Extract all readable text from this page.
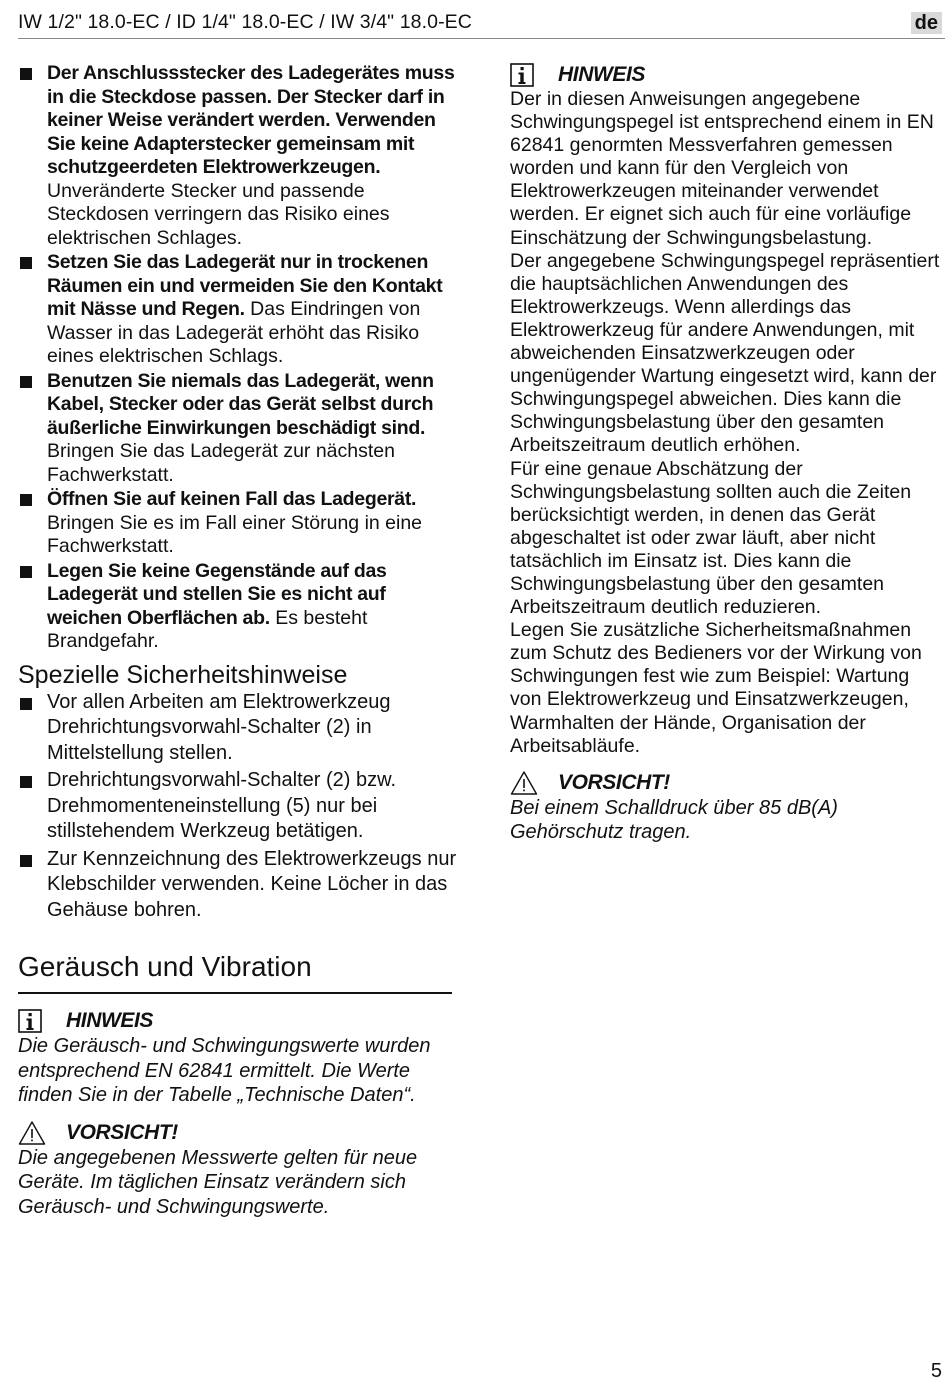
IW 1/2" 18.0-EC / ID 1/4" 18.0-EC / IW 3/4" 18.0-EC	de
Der Anschlussstecker des Ladegerätes muss in die Steckdose passen. Der Stecker darf in keiner Weise verändert werden. Verwenden Sie keine Adapterstecker gemeinsam mit schutzgeerdeten Elektrowerkzeugen. Unveränderte Stecker und passende Steckdosen verringern das Risiko eines elektrischen Schlages.
Setzen Sie das Ladegerät nur in trockenen Räumen ein und vermeiden Sie den Kontakt mit Nässe und Regen. Das Eindringen von Wasser in das Ladegerät erhöht das Risiko eines elektrischen Schlags.
Benutzen Sie niemals das Ladegerät, wenn Kabel, Stecker oder das Gerät selbst durch äußerliche Einwirkungen beschädigt sind. Bringen Sie das Ladegerät zur nächsten Fachwerkstatt.
Öffnen Sie auf keinen Fall das Ladegerät. Bringen Sie es im Fall einer Störung in eine Fachwerkstatt.
Legen Sie keine Gegenstände auf das Ladegerät und stellen Sie es nicht auf weichen Oberflächen ab. Es besteht Brandgefahr.
Spezielle Sicherheitshinweise
Vor allen Arbeiten am Elektrowerkzeug Drehrichtungsvorwahl-Schalter (2) in Mittelstellung stellen.
Drehrichtungsvorwahl-Schalter (2) bzw. Drehmomenteneinstellung (5) nur bei stillstehendem Werkzeug betätigen.
Zur Kennzeichnung des Elektrowerkzeugs nur Klebschilder verwenden. Keine Löcher in das Gehäuse bohren.
Geräusch und Vibration
HINWEIS
Die Geräusch- und Schwingungswerte wurden entsprechend EN 62841 ermittelt. Die Werte finden Sie in der Tabelle „Technische Daten“.
VORSICHT!
Die angegebenen Messwerte gelten für neue Geräte. Im täglichen Einsatz verändern sich Geräusch- und Schwingungswerte.
HINWEIS
Der in diesen Anweisungen angegebene Schwingungspegel ist entsprechend einem in EN 62841 genormten Messverfahren gemessen worden und kann für den Vergleich von Elektrowerkzeugen miteinander verwendet werden. Er eignet sich auch für eine vorläufige Einschätzung der Schwingungsbelastung.
Der angegebene Schwingungspegel repräsentiert die hauptsächlichen Anwendungen des Elektrowerkzeugs. Wenn allerdings das Elektrowerkzeug für andere Anwendungen, mit abweichenden Einsatzwerkzeugen oder ungenügender Wartung eingesetzt wird, kann der Schwingungspegel abweichen. Dies kann die Schwingungsbelastung über den gesamten Arbeitszeitraum deutlich erhöhen.
Für eine genaue Abschätzung der Schwingungsbelastung sollten auch die Zeiten berücksichtigt werden, in denen das Gerät abgeschaltet ist oder zwar läuft, aber nicht tatsächlich im Einsatz ist. Dies kann die Schwingungsbelastung über den gesamten Arbeitszeitraum deutlich reduzieren.
Legen Sie zusätzliche Sicherheitsmaßnahmen zum Schutz des Bedieners vor der Wirkung von Schwingungen fest wie zum Beispiel: Wartung von Elektrowerkzeug und Einsatzwerkzeugen, Warmhalten der Hände, Organisation der Arbeitsabläufe.
VORSICHT!
Bei einem Schalldruck über 85 dB(A) Gehörschutz tragen.
5
